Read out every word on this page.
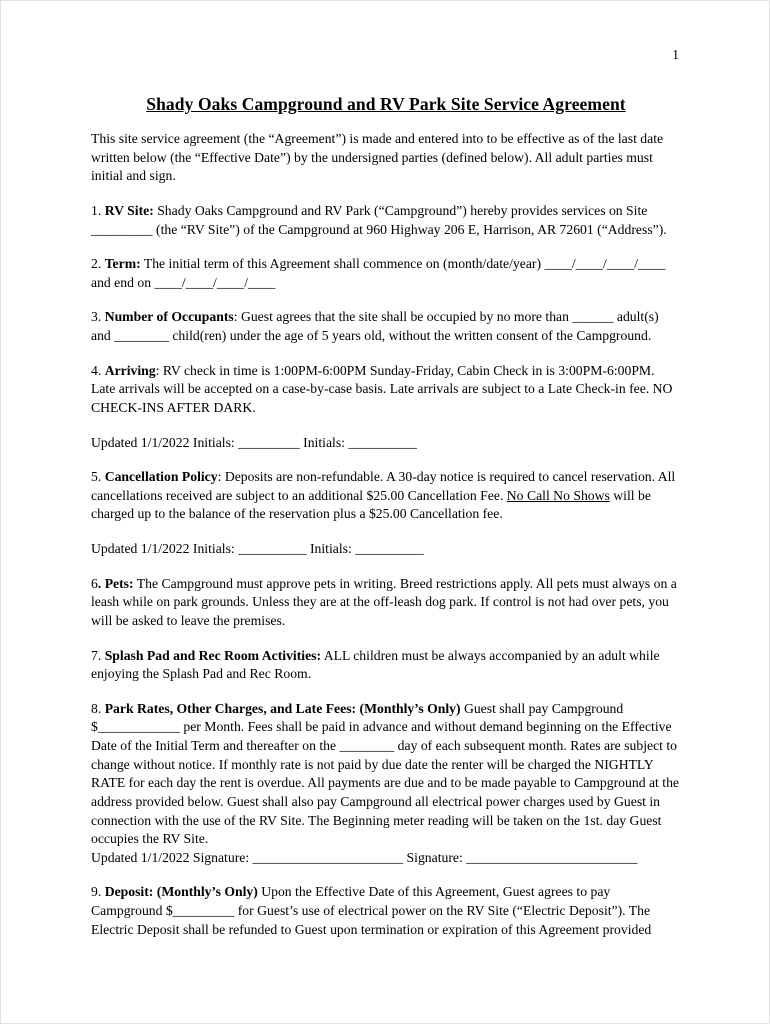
1
Shady Oaks Campground and RV Park Site Service Agreement

This site service agreement (the “Agreement”) is made and entered into to be effective as of the last date written below (the “Effective Date”) by the undersigned parties (defined below). All adult parties must initial and sign.

1. RV Site: Shady Oaks Campground and RV Park (“Campground”) hereby provides services on Site _________ (the “RV Site”) of the Campground at 960 Highway 206 E, Harrison, AR 72601 (“Address”).

2. Term: The initial term of this Agreement shall commence on (month/date/year) ____/____/____/____ and end on ____/____/____/____

3. Number of Occupants: Guest agrees that the site shall be occupied by no more than ______ adult(s) and ________ child(ren) under the age of 5 years old, without the written consent of the Campground.

4. Arriving: RV check in time is 1:00PM-6:00PM Sunday-Friday, Cabin Check in is 3:00PM-6:00PM. Late arrivals will be accepted on a case-by-case basis. Late arrivals are subject to a Late Check-in fee. NO CHECK-INS AFTER DARK.

Updated 1/1/2022 Initials: _________ Initials: __________

5. Cancellation Policy: Deposits are non-refundable. A 30-day notice is required to cancel reservation. All cancellations received are subject to an additional $25.00 Cancellation Fee. No Call No Shows will be charged up to the balance of the reservation plus a $25.00 Cancellation fee.

Updated 1/1/2022 Initials: __________ Initials: __________

6. Pets: The Campground must approve pets in writing. Breed restrictions apply. All pets must always on a leash while on park grounds. Unless they are at the off-leash dog park. If control is not had over pets, you will be asked to leave the premises.

7. Splash Pad and Rec Room Activities: ALL children must be always accompanied by an adult while enjoying the Splash Pad and Rec Room.

8. Park Rates, Other Charges, and Late Fees: (Monthly’s Only) Guest shall pay Campground $____________ per Month. Fees shall be paid in advance and without demand beginning on the Effective Date of the Initial Term and thereafter on the ________ day of each subsequent month. Rates are subject to change without notice. If monthly rate is not paid by due date the renter will be charged the NIGHTLY RATE for each day the rent is overdue. All payments are due and to be made payable to Campground at the address provided below. Guest shall also pay Campground all electrical power charges used by Guest in connection with the use of the RV Site. The Beginning meter reading will be taken on the 1st. day Guest occupies the RV Site.
Updated 1/1/2022 Signature: ______________________ Signature: _________________________

9. Deposit: (Monthly’s Only) Upon the Effective Date of this Agreement, Guest agrees to pay Campground $_________ for Guest’s use of electrical power on the RV Site (“Electric Deposit”). The Electric Deposit shall be refunded to Guest upon termination or expiration of this Agreement provided
